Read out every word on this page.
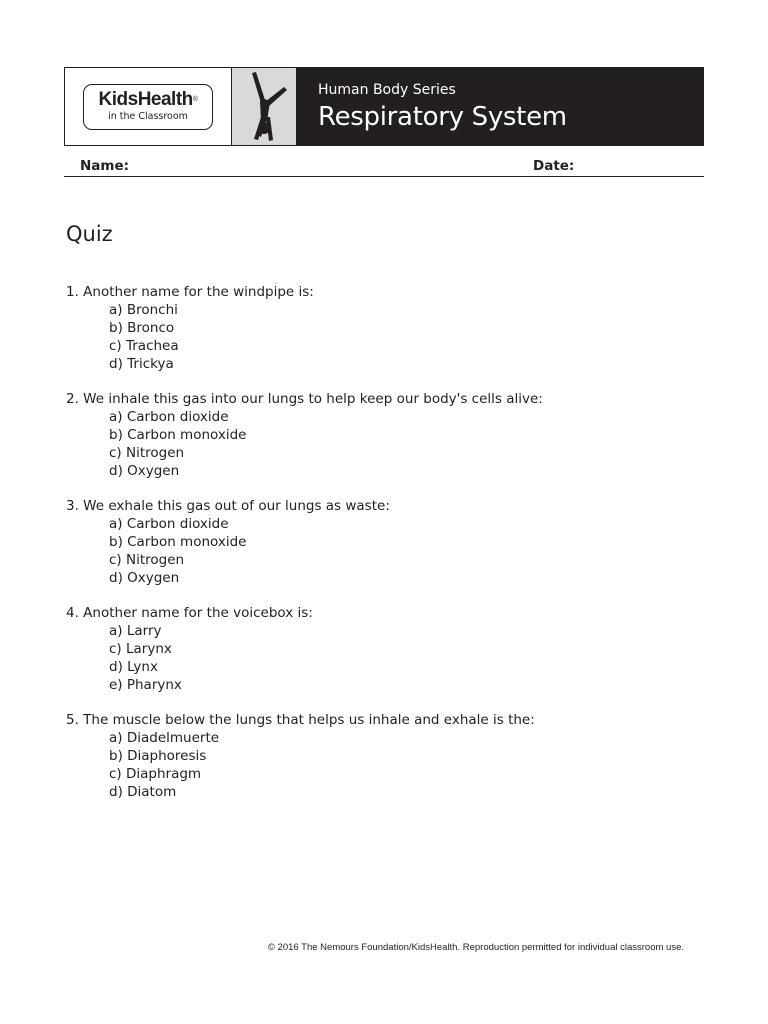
KidsHealth®
in the Classroom
Human Body Series
Respiratory System
Name:	Date:
Quiz
1. Another name for the windpipe is:
a) Bronchi
b) Bronco
c) Trachea
d) Trickya
2. We inhale this gas into our lungs to help keep our body's cells alive:
a) Carbon dioxide
b) Carbon monoxide
c) Nitrogen
d) Oxygen
3. We exhale this gas out of our lungs as waste:
a) Carbon dioxide
b) Carbon monoxide
c) Nitrogen
d) Oxygen
4. Another name for the voicebox is:
a) Larry
c) Larynx
d) Lynx
e) Pharynx
5. The muscle below the lungs that helps us inhale and exhale is the:
a) Diadelmuerte
b) Diaphoresis
c) Diaphragm
d) Diatom
© 2016 The Nemours Foundation/KidsHealth. Reproduction permitted for individual classroom use.
